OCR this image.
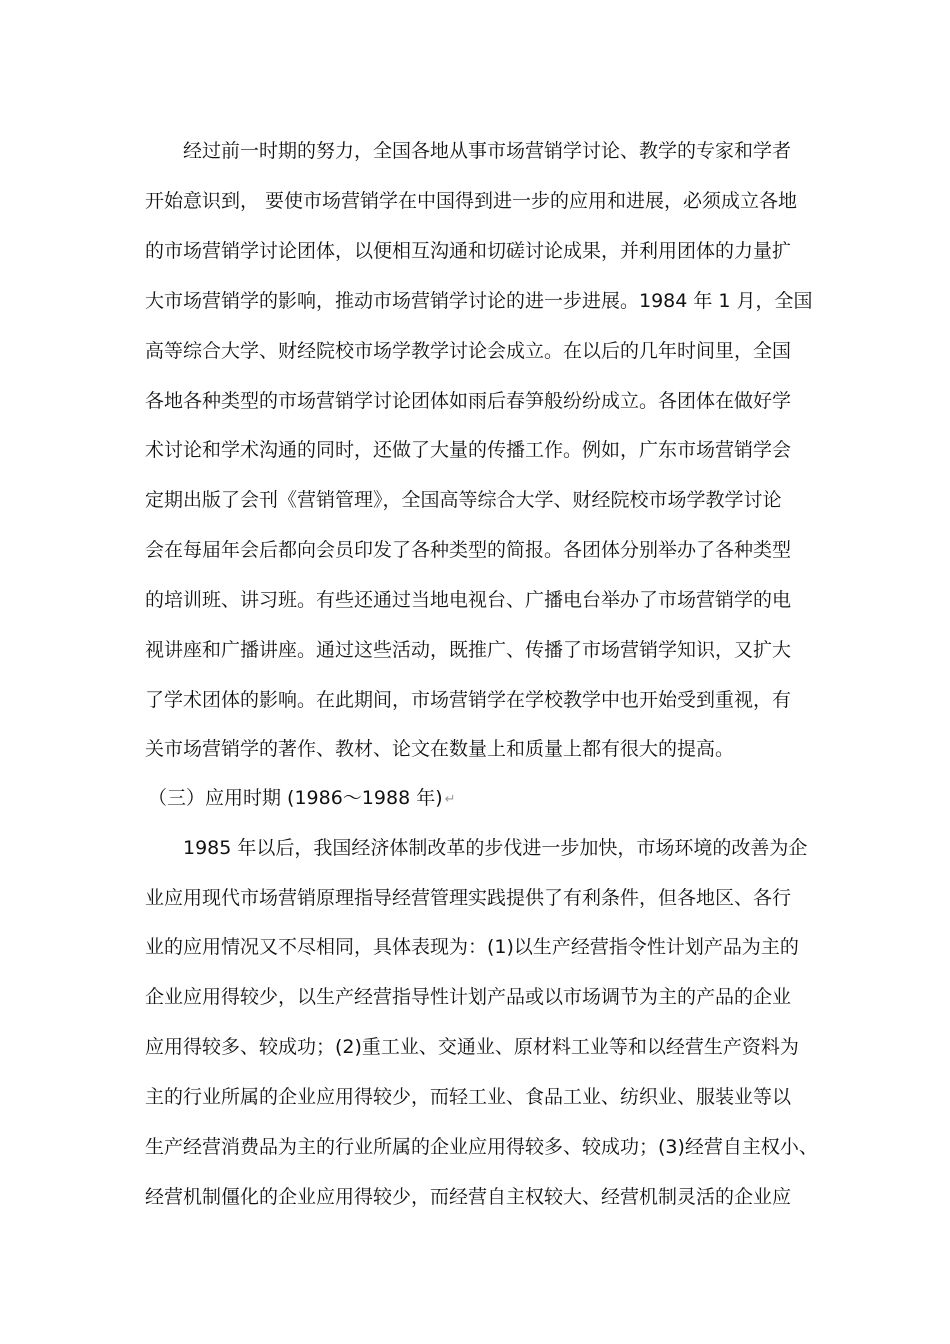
经过前一时期的努力，全国各地从事市场营销学讨论、教学的专家和学者
开始意识到， 要使市场营销学在中国得到进一步的应用和进展，必须成立各地
的市场营销学讨论团体，以便相互沟通和切磋讨论成果，并利用团体的力量扩
大市场营销学的影响，推动市场营销学讨论的进一步进展。1984 年 1 月，全国
高等综合大学、财经院校市场学教学讨论会成立。在以后的几年时间里，全国
各地各种类型的市场营销学讨论团体如雨后春笋般纷纷成立。各团体在做好学
术讨论和学术沟通的同时，还做了大量的传播工作。例如，广东市场营销学会
定期出版了会刊《营销管理》，全国高等综合大学、财经院校市场学教学讨论
会在每届年会后都向会员印发了各种类型的简报。各团体分别举办了各种类型
的培训班、讲习班。有些还通过当地电视台、广播电台举办了市场营销学的电
视讲座和广播讲座。通过这些活动，既推广、传播了市场营销学知识，又扩大
了学术团体的影响。在此期间，市场营销学在学校教学中也开始受到重视，有
关市场营销学的著作、教材、论文在数量上和质量上都有很大的提高。
（三）应用时期 (1986～1988 年) ↵
1985 年以后，我国经济体制改革的步伐进一步加快，市场环境的改善为企
业应用现代市场营销原理指导经营管理实践提供了有利条件，但各地区、各行
业的应用情况又不尽相同，具体表现为：(1)以生产经营指令性计划产品为主的
企业应用得较少，以生产经营指导性计划产品或以市场调节为主的产品的企业
应用得较多、较成功；(2)重工业、交通业、原材料工业等和以经营生产资料为
主的行业所属的企业应用得较少，而轻工业、食品工业、纺织业、服装业等以
生产经营消费品为主的行业所属的企业应用得较多、较成功；(3)经营自主权小、
经营机制僵化的企业应用得较少，而经营自主权较大、经营机制灵活的企业应
